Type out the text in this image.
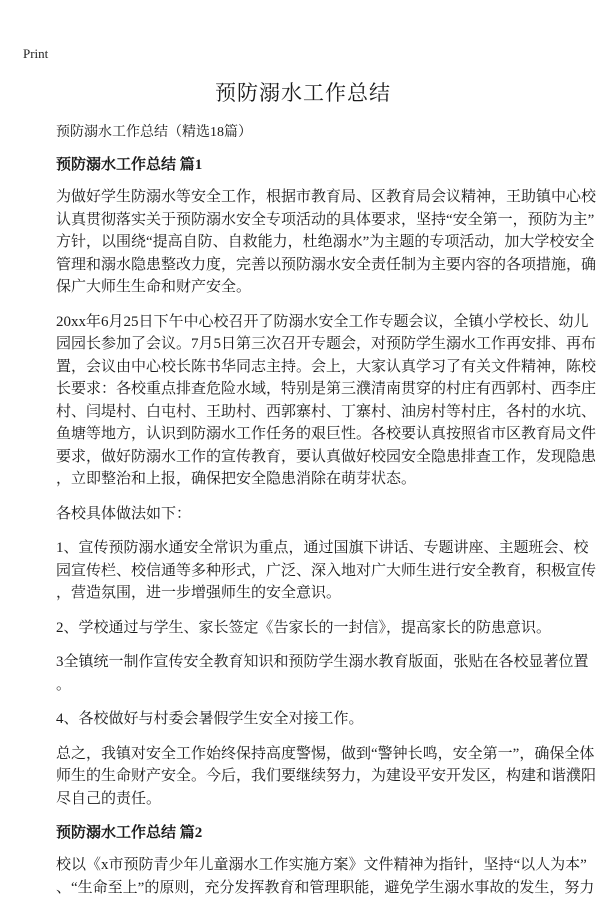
Print
预防溺水工作总结
预防溺水工作总结（精选18篇）
预防溺水工作总结 篇1
为做好学生防溺水等安全工作，根据市教育局、区教育局会议精神，王助镇中心校
认真贯彻落实关于预防溺水安全专项活动的具体要求，坚持“安全第一，预防为主”
方针，以围绕“提高自防、自救能力，杜绝溺水”为主题的专项活动，加大学校安全
管理和溺水隐患整改力度，完善以预防溺水安全责任制为主要内容的各项措施，确
保广大师生生命和财产安全。
20xx年6月25日下午中心校召开了防溺水安全工作专题会议，全镇小学校长、幼儿
园园长参加了会议。7月5日第三次召开专题会，对预防学生溺水工作再安排、再布
置，会议由中心校长陈书华同志主持。会上，大家认真学习了有关文件精神，陈校
长要求：各校重点排查危险水域，特别是第三濮清南贯穿的村庄有西郭村、西李庄
村、闫堤村、白屯村、王助村、西郭寨村、丁寨村、油房村等村庄，各村的水坑、
鱼塘等地方，认识到防溺水工作任务的艰巨性。各校要认真按照省市区教育局文件
要求，做好防溺水工作的宣传教育，要认真做好校园安全隐患排查工作，发现隐患
，立即整治和上报，确保把安全隐患消除在萌芽状态。
各校具体做法如下：
1、宣传预防溺水通安全常识为重点，通过国旗下讲话、专题讲座、主题班会、校
园宣传栏、校信通等多种形式，广泛、深入地对广大师生进行安全教育，积极宣传
，营造氛围，进一步增强师生的安全意识。
2、学校通过与学生、家长签定《告家长的一封信》，提高家长的防患意识。
3全镇统一制作宣传安全教育知识和预防学生溺水教育版面，张贴在各校显著位置
。
4、各校做好与村委会暑假学生安全对接工作。
总之，我镇对安全工作始终保持高度警惕，做到“警钟长鸣，安全第一”，确保全体
师生的生命财产安全。今后，我们要继续努力，为建设平安开发区，构建和谐濮阳
尽自己的责任。
预防溺水工作总结 篇2
校以《x市预防青少年儿童溺水工作实施方案》文件精神为指针，坚持“以人为本”
、“生命至上”的原则，充分发挥教育和管理职能，避免学生溺水事故的发生，努力
